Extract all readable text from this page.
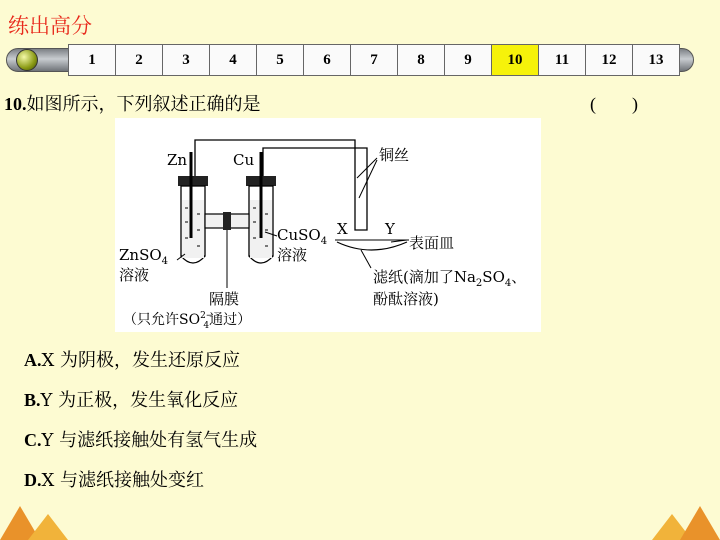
练出高分
1	2	3	4	5	6	7	8	9	10	11	12	13
10.如图所示，下列叙述正确的是	(　　)
Zn	Cu	铜丝
X Y
表面皿
CuSO$_4$
溶液
ZnSO$_4$
溶液
隔膜
（只允许$SO^{2-}$ 4通过）
滤纸(滴加了$Na_2SO_4$、
酚酞溶液)
A.X 为阴极，发生还原反应
B.Y 为正极，发生氧化反应
C.Y 与滤纸接触处有氢气生成
D.X 与滤纸接触处变红
